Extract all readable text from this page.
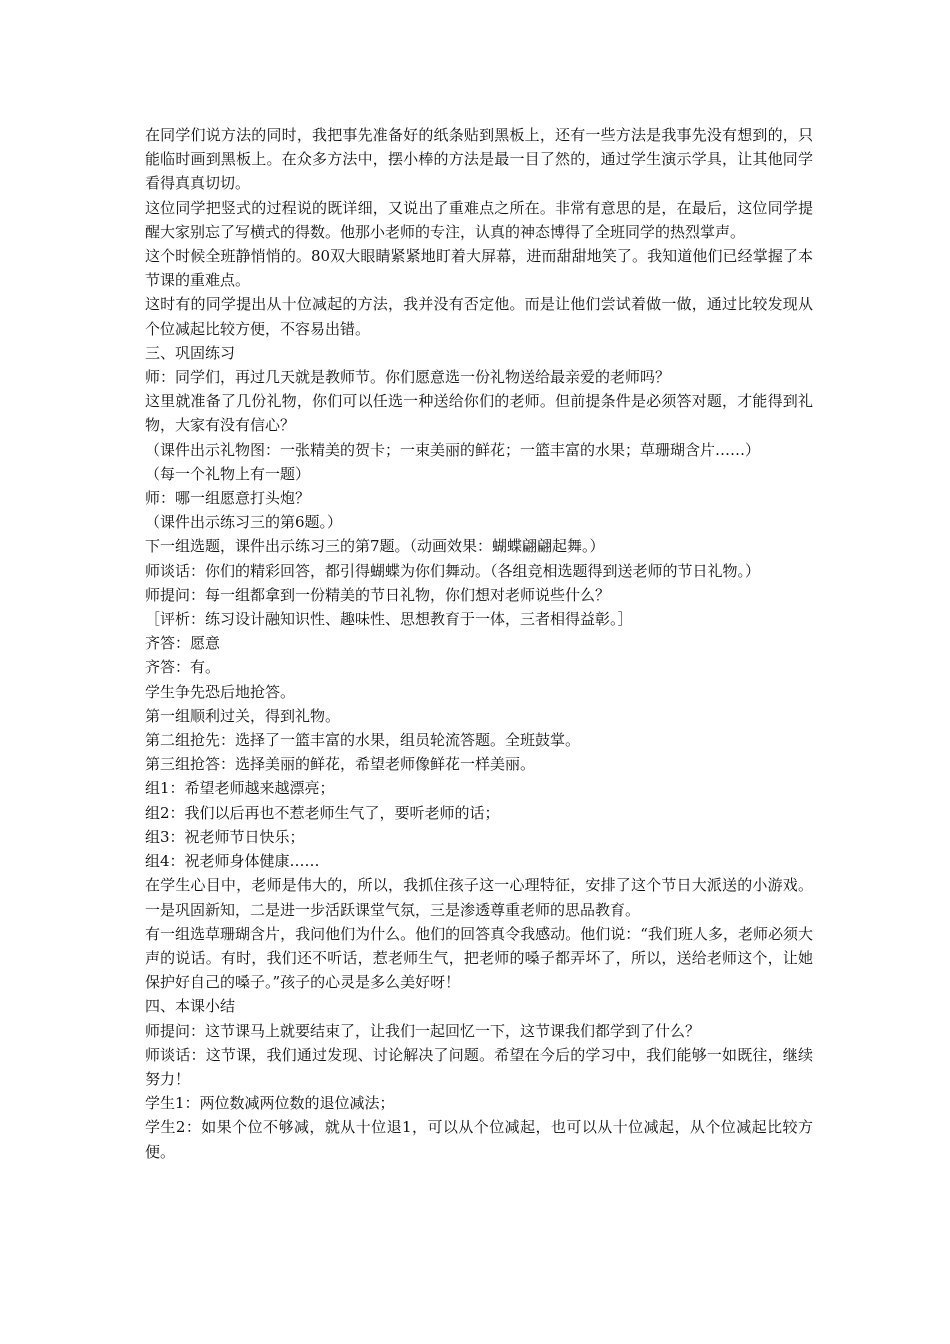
在同学们说方法的同时，我把事先准备好的纸条贴到黑板上，还有一些方法是我事先没有想到的，只能临时画到黑板上。在众多方法中，摆小棒的方法是最一目了然的，通过学生演示学具，让其他同学看得真真切切。

这位同学把竖式的过程说的既详细，又说出了重难点之所在。非常有意思的是，在最后，这位同学提醒大家别忘了写横式的得数。他那小老师的专注，认真的神态博得了全班同学的热烈掌声。

这个时候全班静悄悄的。80双大眼睛紧紧地盯着大屏幕，进而甜甜地笑了。我知道他们已经掌握了本节课的重难点。

这时有的同学提出从十位减起的方法，我并没有否定他。而是让他们尝试着做一做，通过比较发现从个位减起比较方便，不容易出错。

三、巩固练习

师：同学们，再过几天就是教师节。你们愿意选一份礼物送给最亲爱的老师吗？

这里就准备了几份礼物，你们可以任选一种送给你们的老师。但前提条件是必须答对题，才能得到礼物，大家有没有信心？

（课件出示礼物图：一张精美的贺卡；一束美丽的鲜花；一篮丰富的水果；草珊瑚含片……）

（每一个礼物上有一题）

师：哪一组愿意打头炮？

（课件出示练习三的第6题。）

下一组选题，课件出示练习三的第7题。（动画效果：蝴蝶翩翩起舞。）

师谈话：你们的精彩回答，都引得蝴蝶为你们舞动。（各组竞相选题得到送老师的节日礼物。）

师提问：每一组都拿到一份精美的节日礼物，你们想对老师说些什么？

［评析：练习设计融知识性、趣味性、思想教育于一体，三者相得益彰。］

齐答：愿意

齐答：有。

学生争先恐后地抢答。

第一组顺利过关，得到礼物。

第二组抢先：选择了一篮丰富的水果，组员轮流答题。全班鼓掌。

第三组抢答：选择美丽的鲜花，希望老师像鲜花一样美丽。

组1：希望老师越来越漂亮；

组2：我们以后再也不惹老师生气了，要听老师的话；

组3：祝老师节日快乐；

组4：祝老师身体健康……

在学生心目中，老师是伟大的，所以，我抓住孩子这一心理特征，安排了这个节日大派送的小游戏。一是巩固新知，二是进一步活跃课堂气氛，三是渗透尊重老师的思品教育。

有一组选草珊瑚含片，我问他们为什么。他们的回答真令我感动。他们说：“我们班人多，老师必须大声的说话。有时，我们还不听话，惹老师生气，把老师的嗓子都弄坏了，所以，送给老师这个，让她保护好自己的嗓子。”孩子的心灵是多么美好呀！

四、本课小结

师提问：这节课马上就要结束了，让我们一起回忆一下，这节课我们都学到了什么？

师谈话：这节课，我们通过发现、讨论解决了问题。希望在今后的学习中，我们能够一如既往，继续努力！

学生1：两位数减两位数的退位减法；

学生2：如果个位不够减，就从十位退1，可以从个位减起，也可以从十位减起，从个位减起比较方便。
